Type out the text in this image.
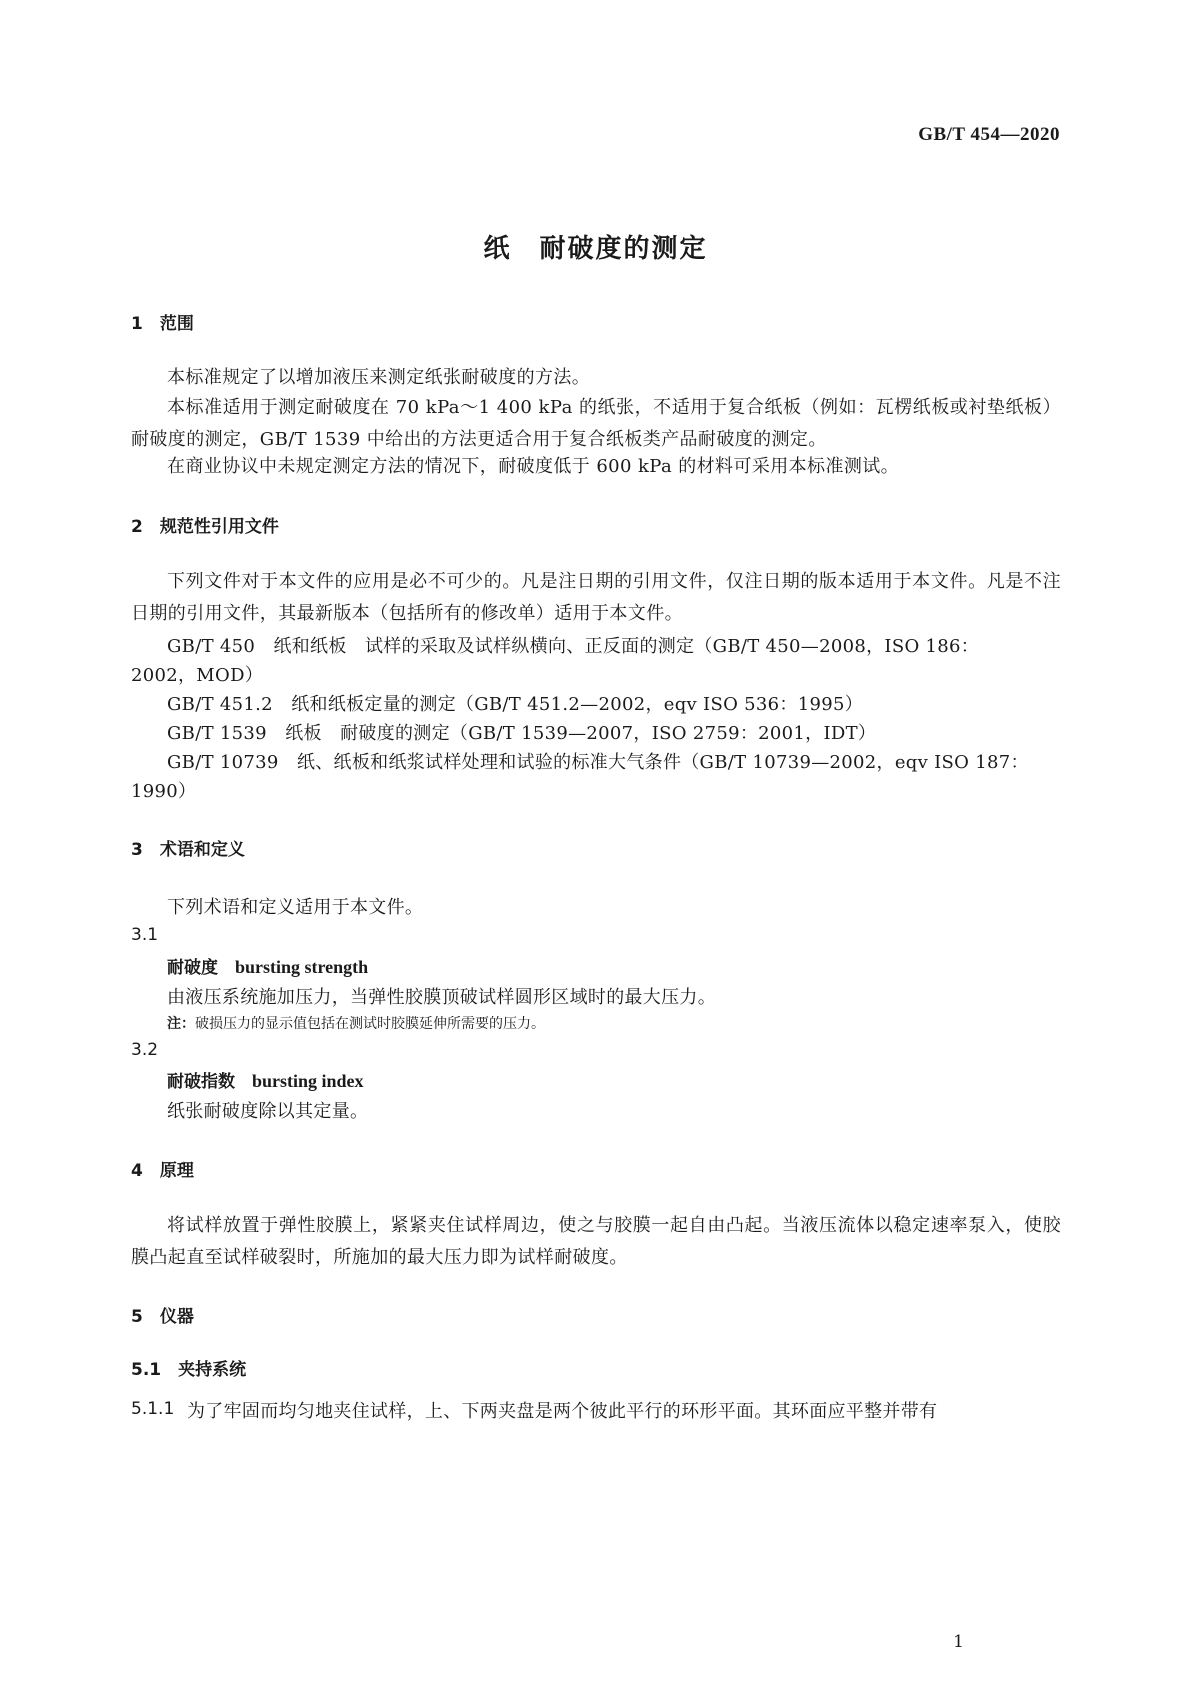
GB/T 454—2020
纸　耐破度的测定
1　范围
本标准规定了以增加液压来测定纸张耐破度的方法。
本标准适用于测定耐破度在 70 kPa～1 400 kPa 的纸张，不适用于复合纸板（例如：瓦楞纸板或衬垫纸板）耐破度的测定，GB/T 1539 中给出的方法更适合用于复合纸板类产品耐破度的测定。
在商业协议中未规定测定方法的情况下，耐破度低于 600 kPa 的材料可采用本标准测试。
2　规范性引用文件
下列文件对于本文件的应用是必不可少的。凡是注日期的引用文件，仅注日期的版本适用于本文件。凡是不注日期的引用文件，其最新版本（包括所有的修改单）适用于本文件。
GB/T 450　纸和纸板　试样的采取及试样纵横向、正反面的测定（GB/T 450—2008，ISO 186：
2002，MOD）
GB/T 451.2　纸和纸板定量的测定（GB/T 451.2—2002，eqv ISO 536：1995）
GB/T 1539　纸板　耐破度的测定（GB/T 1539—2007，ISO 2759：2001，IDT）
GB/T 10739　纸、纸板和纸浆试样处理和试验的标准大气条件（GB/T 10739—2002，eqv ISO 187：
1990）
3　术语和定义
下列术语和定义适用于本文件。
3.1
耐破度　 bursting strength
由液压系统施加压力，当弹性胶膜顶破试样圆形区域时的最大压力。
注：破损压力的显示值包括在测试时胶膜延伸所需要的压力。
3.2
耐破指数　 bursting index
纸张耐破度除以其定量。
4　原理
将试样放置于弹性胶膜上，紧紧夹住试样周边，使之与胶膜一起自由凸起。当液压流体以稳定速率泵入，使胶膜凸起直至试样破裂时，所施加的最大压力即为试样耐破度。
5　仪器
5.1　夹持系统
5.1.1 为了牢固而均匀地夹住试样，上、下两夹盘是两个彼此平行的环形平面。其环面应平整并带有
1
